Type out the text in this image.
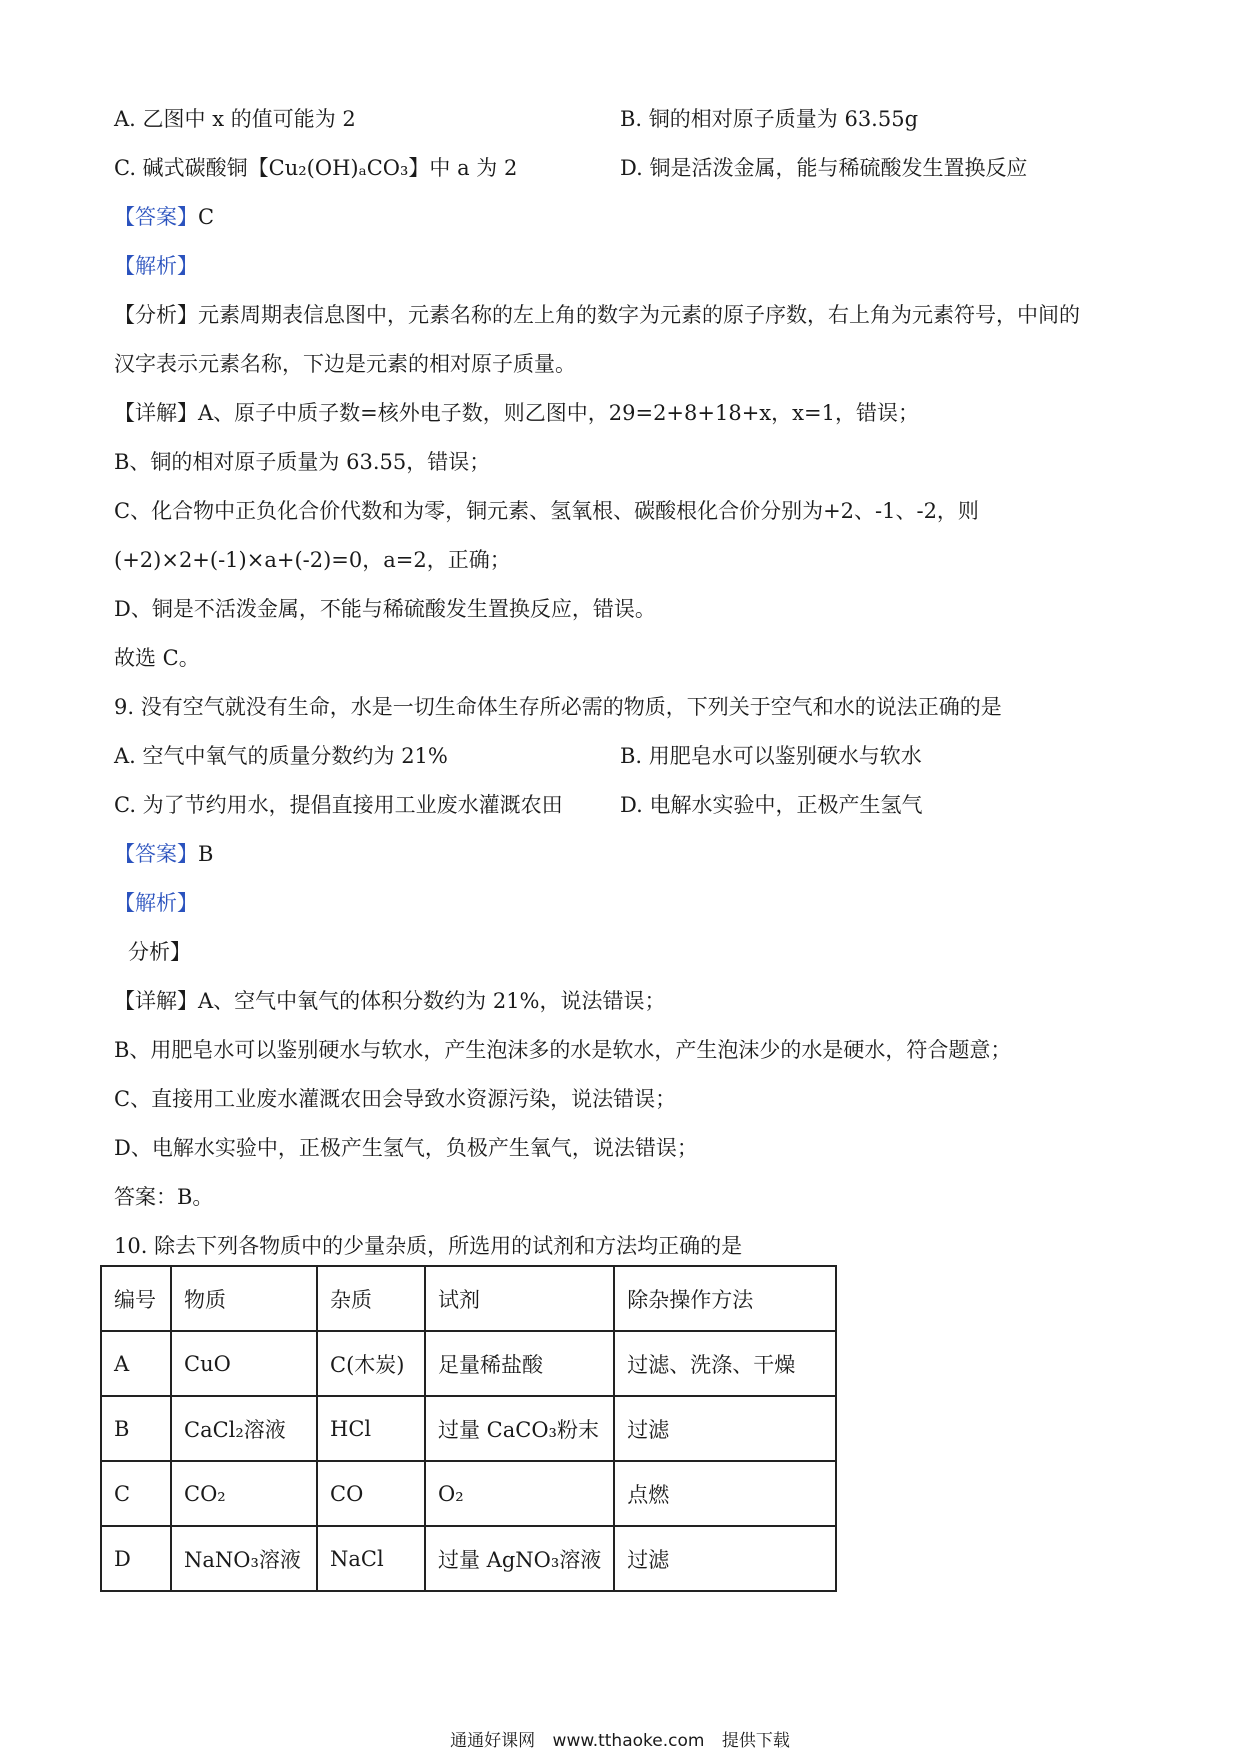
A. 乙图中 x 的值可能为 2	B. 铜的相对原子质量为 63.55g
C. 碱式碳酸铜【Cu₂(OH)ₐCO₃】中 a 为 2	D. 铜是活泼金属，能与稀硫酸发生置换反应
【答案】C
【解析】
【分析】元素周期表信息图中，元素名称的左上角的数字为元素的原子序数，右上角为元素符号，中间的
汉字表示元素名称，下边是元素的相对原子质量。
【详解】A、原子中质子数=核外电子数，则乙图中，29=2+8+18+x，x=1，错误；
B、铜的相对原子质量为 63.55，错误；
C、化合物中正负化合价代数和为零，铜元素、氢氧根、碳酸根化合价分别为+2、-1、-2，则
(+2)×2+(-1)×a+(-2)=0，a=2，正确；
D、铜是不活泼金属，不能与稀硫酸发生置换反应，错误。
故选 C。
9. 没有空气就没有生命，水是一切生命体生存所必需的物质，下列关于空气和水的说法正确的是
A. 空气中氧气的质量分数约为 21%	B. 用肥皂水可以鉴别硬水与软水
C. 为了节约用水，提倡直接用工业废水灌溉农田	D. 电解水实验中，正极产生氢气
【答案】B
【解析】
分析】
【详解】A、空气中氧气的体积分数约为 21%，说法错误；
B、用肥皂水可以鉴别硬水与软水，产生泡沫多的水是软水，产生泡沫少的水是硬水，符合题意；
C、直接用工业废水灌溉农田会导致水资源污染，说法错误；
D、电解水实验中，正极产生氢气，负极产生氧气，说法错误；
答案：B。
10. 除去下列各物质中的少量杂质，所选用的试剂和方法均正确的是
编号	物质	杂质	试剂	除杂操作方法
A	CuO	C(木炭)	足量稀盐酸	过滤、洗涤、干燥
B	CaCl₂溶液	HCl	过量 CaCO₃粉末	过滤
C	CO₂	CO	O₂	点燃
D	NaNO₃溶液	NaCl	过量 AgNO₃溶液	过滤
通通好课网 www.tthaoke.com 提供下载
